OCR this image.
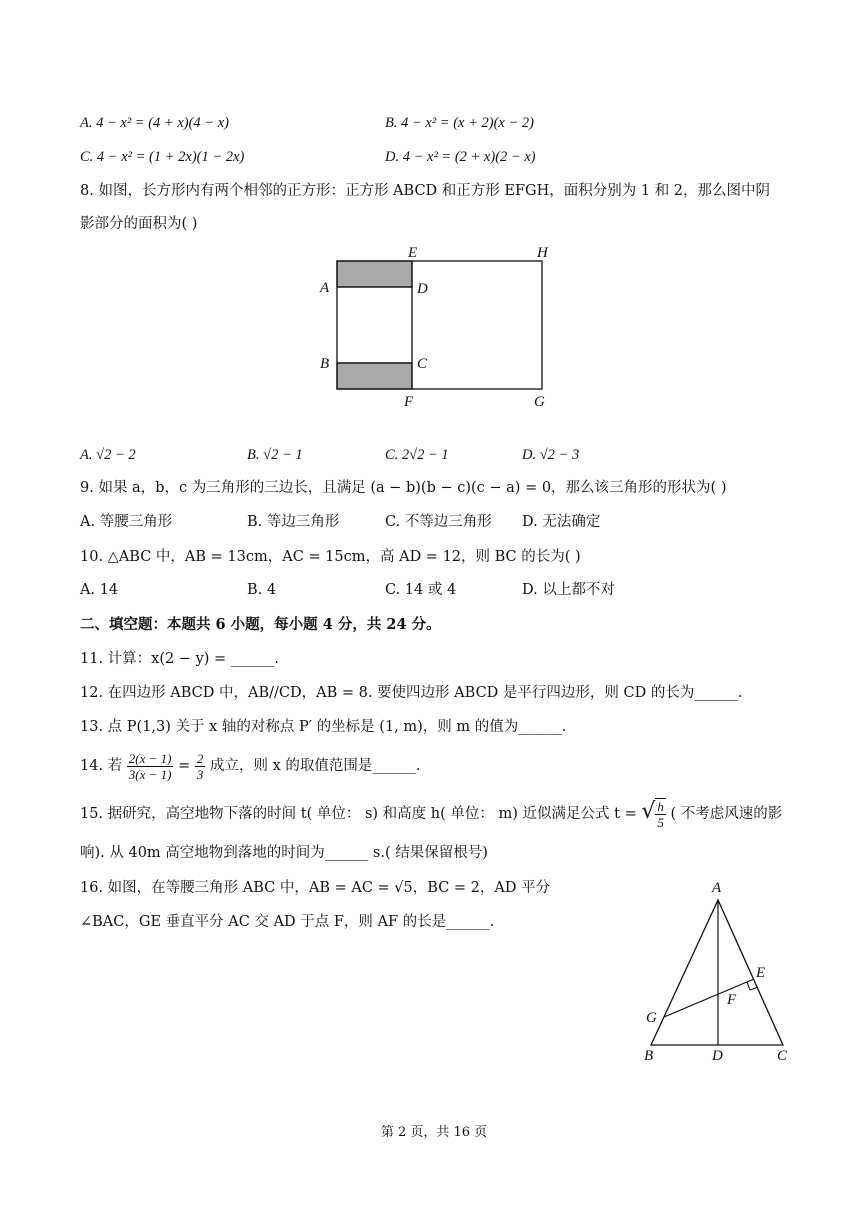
A. 4 − x² = (4 + x)(4 − x)	B. 4 − x² = (x + 2)(x − 2)
C. 4 − x² = (1 + 2x)(1 − 2x)	D. 4 − x² = (2 + x)(2 − x)
8. 如图，长方形内有两个相邻的正方形：正方形 ABCD 和正方形 EFGH，面积分别为 1 和 2，那么图中阴
影部分的面积为( )
E	H
A	D
B	C
F	G
A. √2 − 2	B. √2 − 1	C. 2√2 − 1	D. √2 − 3
9. 如果 a，b，c 为三角形的三边长，且满足 (a − b)(b − c)(c − a) = 0，那么该三角形的形状为( )
A. 等腰三角形	B. 等边三角形	C. 不等边三角形 D. 无法确定
10. △ABC 中，AB = 13cm，AC = 15cm，高 AD = 12，则 BC 的长为( )
A. 14	B. 4	C. 14 或 4	D. 以上都不对
二、填空题：本题共 6 小题，每小题 4 分，共 24 分。
11. 计算：x(2 − y) = ______.
12. 在四边形 ABCD 中，AB//CD，AB = 8. 要使四边形 ABCD 是平行四边形，则 CD 的长为______.
13. 点 P(1,3) 关于 x 轴的对称点 P′ 的坐标是 (1, m)，则 m 的值为______.
14. 若 $\frac{2(x - 1)}{3(x - 1)} = \frac{2}{3}$ 成立，则 x 的取值范围是______.
15. 据研究，高空地物下落的时间 t( 单位： s) 和高度 h( 单位： m) 近似满足公式 t = √ $\frac{h}{5}$ ( 不考虑风速的影
响). 从 40m 高空地物到落地的时间为______ s.( 结果保留根号)
16. 如图，在等腰三角形 ABC 中，AB = AC = √5，BC = 2，AD 平分
∠BAC，GE 垂直平分 AC 交 AD 于点 F，则 AF 的长是______.
A
E
F
G
B	D	C
第 2 页，共 16 页
